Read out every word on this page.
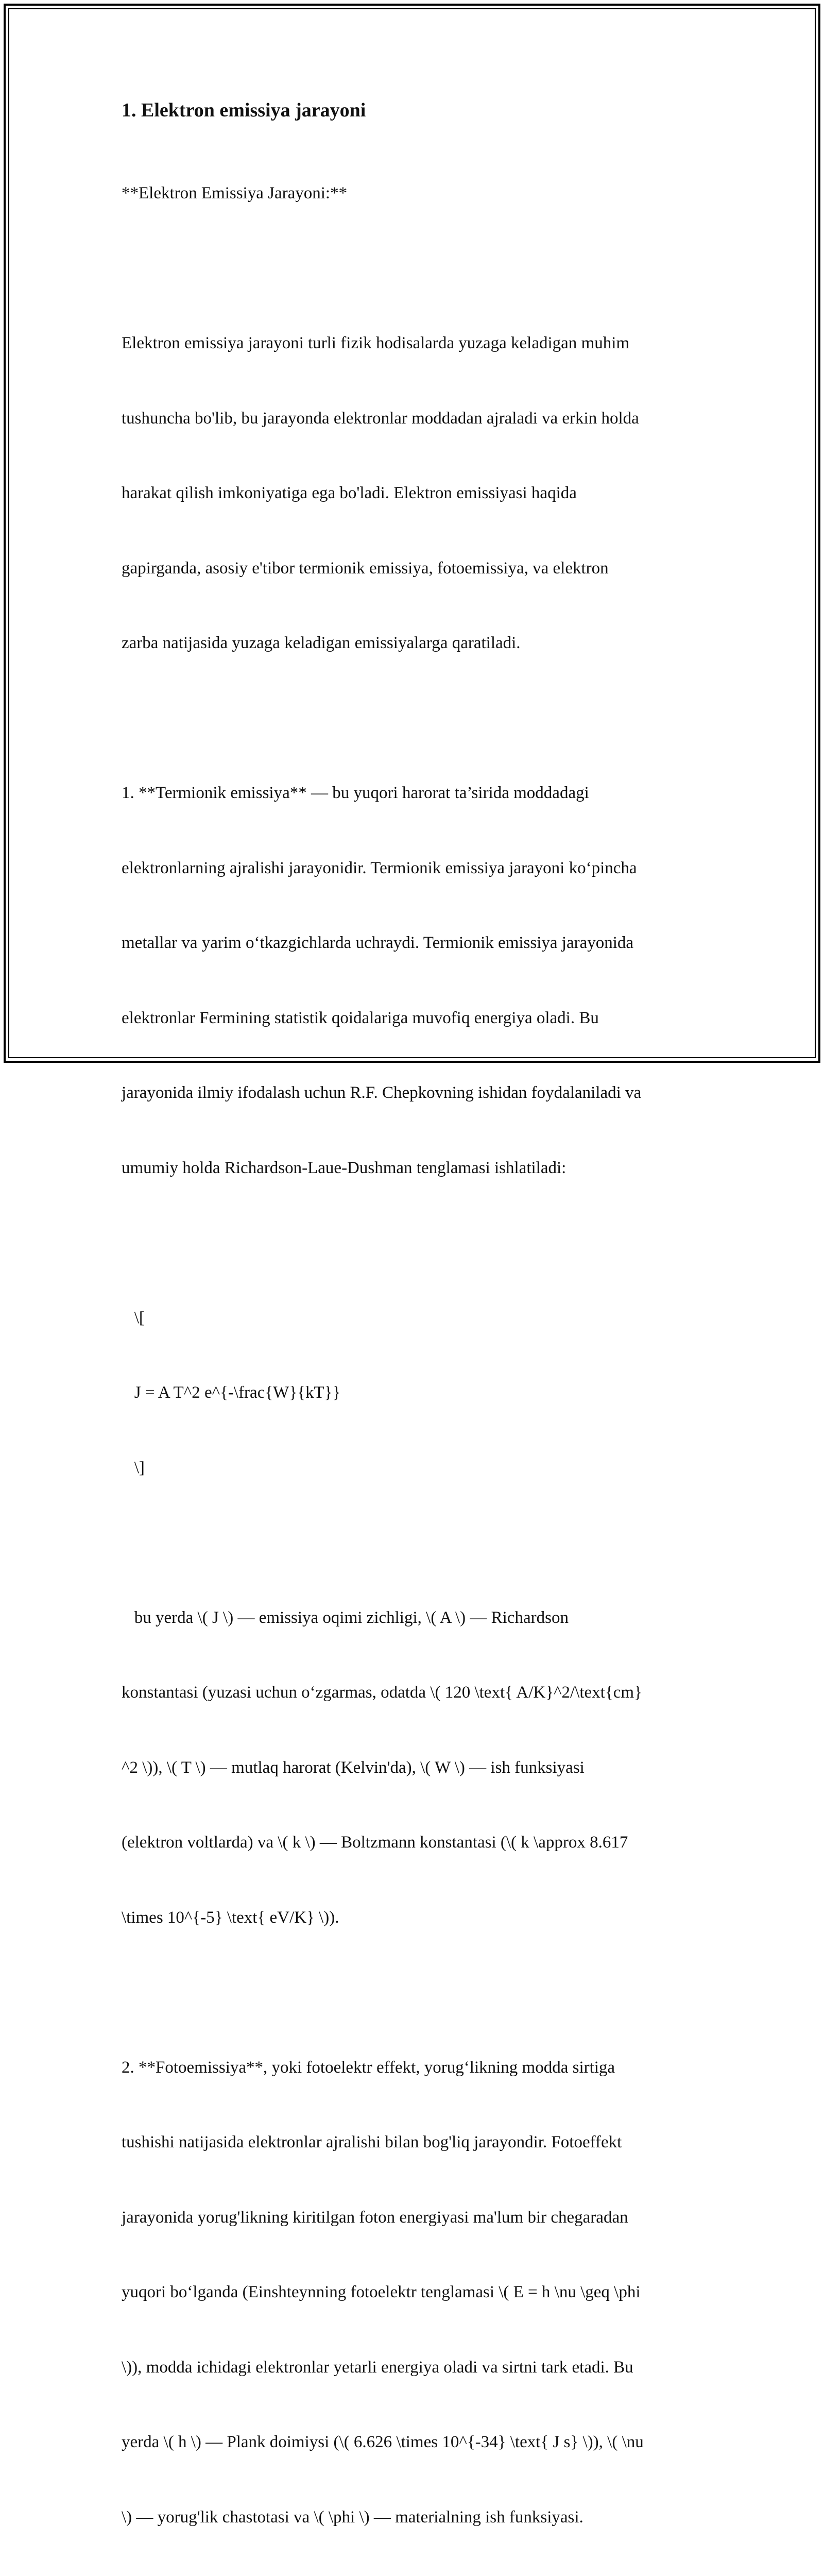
1. Elektron emissiya jarayoni

**Elektron Emissiya Jarayoni:**

Elektron emissiya jarayoni turli fizik hodisalarda yuzaga keladigan muhim

tushuncha bo'lib, bu jarayonda elektronlar moddadan ajraladi va erkin holda

harakat qilish imkoniyatiga ega bo'ladi. Elektron emissiyasi haqida

gapirganda, asosiy e'tibor termionik emissiya, fotoemissiya, va elektron

zarba natijasida yuzaga keladigan emissiyalarga qaratiladi.

1. **Termionik emissiya** — bu yuqori harorat ta’sirida moddadagi

elektronlarning ajralishi jarayonidir. Termionik emissiya jarayoni ko‘pincha

metallar va yarim o‘tkazgichlarda uchraydi. Termionik emissiya jarayonida

elektronlar Fermining statistik qoidalariga muvofiq energiya oladi. Bu

jarayonida ilmiy ifodalash uchun R.F. Chepkovning ishidan foydalaniladi va

umumiy holda Richardson-Laue-Dushman tenglamasi ishlatiladi:

\[

J = A T^2 e^{-\frac{W}{kT}}

\]

bu yerda \( J \) — emissiya oqimi zichligi, \( A \) — Richardson

konstantasi (yuzasi uchun o‘zgarmas, odatda \( 120 \text{ A/K}^2/\text{cm}

^2 \)), \( T \) — mutlaq harorat (Kelvin'da), \( W \) — ish funksiyasi

(elektron voltlarda) va \( k \) — Boltzmann konstantasi (\( k \approx 8.617

\times 10^{-5} \text{ eV/K} \)).

2. **Fotoemissiya**, yoki fotoelektr effekt, yorug‘likning modda sirtiga

tushishi natijasida elektronlar ajralishi bilan bog'liq jarayondir. Fotoeffekt

jarayonida yorug'likning kiritilgan foton energiyasi ma'lum bir chegaradan

yuqori bo‘lganda (Einshteynning fotoelektr tenglamasi \( E = h \nu \geq \phi

\)), modda ichidagi elektronlar yetarli energiya oladi va sirtni tark etadi. Bu

yerda \( h \) — Plank doimiysi (\( 6.626 \times 10^{-34} \text{ J s} \)), \( \nu

\) — yorug'lik chastotasi va \( \phi \) — materialning ish funksiyasi.
